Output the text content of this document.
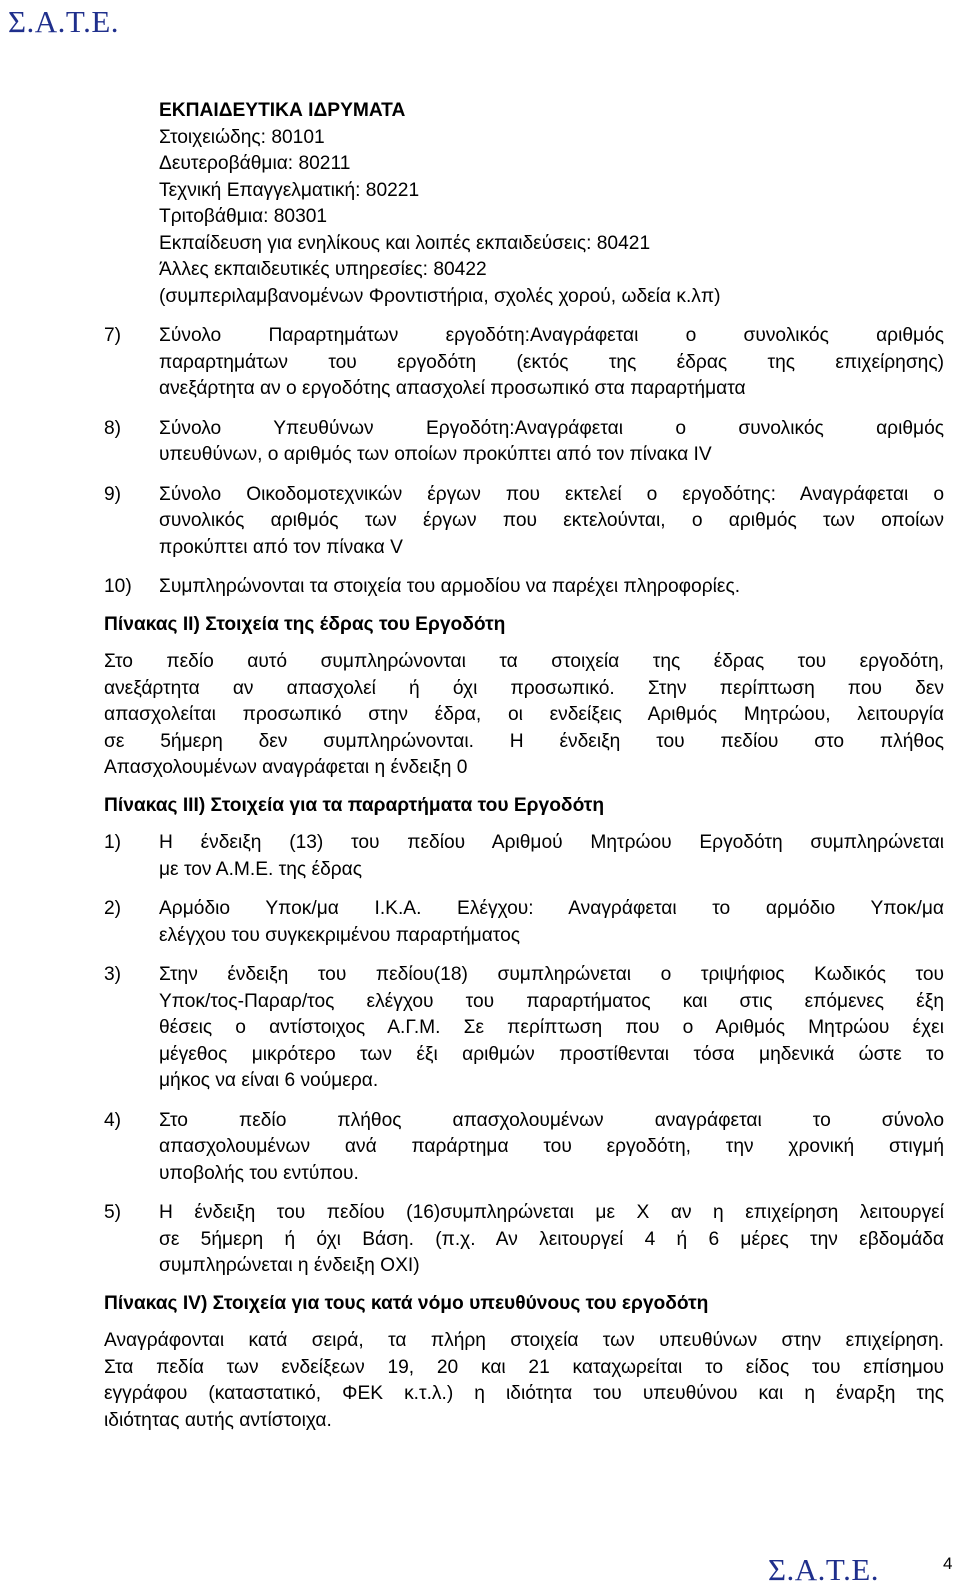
Σ.Α.Τ.Ε.
ΕΚΠΑΙΔΕΥΤΙΚΑ ΙΔΡΥΜΑΤΑ
Στοιχειώδης: 80101
Δευτεροβάθμια: 80211
Τεχνική Επαγγελματική: 80221
Τριτοβάθμια: 80301
Εκπαίδευση για ενηλίκους και λοιπές εκπαιδεύσεις: 80421
Άλλες εκπαιδευτικές υπηρεσίες: 80422
(συμπεριλαμβανομένων Φροντιστήρια, σχολές χορού, ωδεία κ.λπ)
7) Σύνολο Παραρτημάτων εργοδότη:Αναγράφεται ο συνολικός αριθμός
παραρτημάτων του εργοδότη (εκτός της έδρας της επιχείρησης)
ανεξάρτητα αν ο εργοδότης απασχολεί προσωπικό στα παραρτήματα
8) Σύνολο Υπευθύνων Εργοδότη:Αναγράφεται ο συνολικός αριθμός
υπευθύνων, ο αριθμός των οποίων προκύπτει από τον πίνακα IV
9) Σύνολο Οικοδομοτεχνικών έργων που εκτελεί ο εργοδότης: Αναγράφεται ο
συνολικός αριθμός των έργων που εκτελούνται, ο αριθμός των οποίων
προκύπτει από τον πίνακα V
10) Συμπληρώνονται τα στοιχεία του αρμοδίου να παρέχει πληροφορίες.
Πίνακας ΙΙ) Στοιχεία της έδρας του Εργοδότη
Στο πεδίο αυτό συμπληρώνονται τα στοιχεία της έδρας του εργοδότη,
ανεξάρτητα αν απασχολεί ή όχι προσωπικό. Στην περίπτωση που δεν
απασχολείται προσωπικό στην έδρα, οι ενδείξεις Αριθμός Μητρώου, λειτουργία
σε 5ήμερη δεν συμπληρώνονται. Η ένδειξη του πεδίου στο πλήθος
Απασχολουμένων αναγράφεται η ένδειξη 0
Πίνακας ΙΙΙ) Στοιχεία για τα παραρτήματα του Εργοδότη
1) Η ένδειξη (13) του πεδίου Αριθμού Μητρώου Εργοδότη συμπληρώνεται
με τον Α.Μ.Ε. της έδρας
2) Αρμόδιο Υποκ/μα Ι.Κ.Α. Ελέγχου: Αναγράφεται το αρμόδιο Υποκ/μα
ελέγχου του συγκεκριμένου παραρτήματος
3) Στην ένδειξη του πεδίου(18) συμπληρώνεται ο τριψήφιος Κωδικός του
Υποκ/τος-Παραρ/τος ελέγχου του παραρτήματος και στις επόμενες έξη
θέσεις ο αντίστοιχος Α.Γ.Μ. Σε περίπτωση που ο Αριθμός Μητρώου έχει
μέγεθος μικρότερο των έξι αριθμών προστίθενται τόσα μηδενικά ώστε το
μήκος να είναι 6 νούμερα.
4) Στο πεδίο πλήθος απασχολουμένων αναγράφεται το σύνολο
απασχολουμένων ανά παράρτημα του εργοδότη, την χρονική στιγμή
υποβολής του εντύπου.
5) Η ένδειξη του πεδίου (16)συμπληρώνεται με Χ αν η επιχείρηση λειτουργεί
σε 5ήμερη ή όχι Βάση. (π.χ. Αν λειτουργεί 4 ή 6 μέρες την εβδομάδα
συμπληρώνεται η ένδειξη ΟΧΙ)
Πίνακας ΙV) Στοιχεία για τους κατά νόμο υπευθύνους του εργοδότη
Αναγράφονται κατά σειρά, τα πλήρη στοιχεία των υπευθύνων στην επιχείρηση.
Στα πεδία των ενδείξεων 19, 20 και 21 καταχωρείται το είδος του επίσημου
εγγράφου (καταστατικό, ΦΕΚ κ.τ.λ.) η ιδιότητα του υπευθύνου και η έναρξη της
ιδιότητας αυτής αντίστοιχα.
Σ.Α.Τ.Ε.	4
